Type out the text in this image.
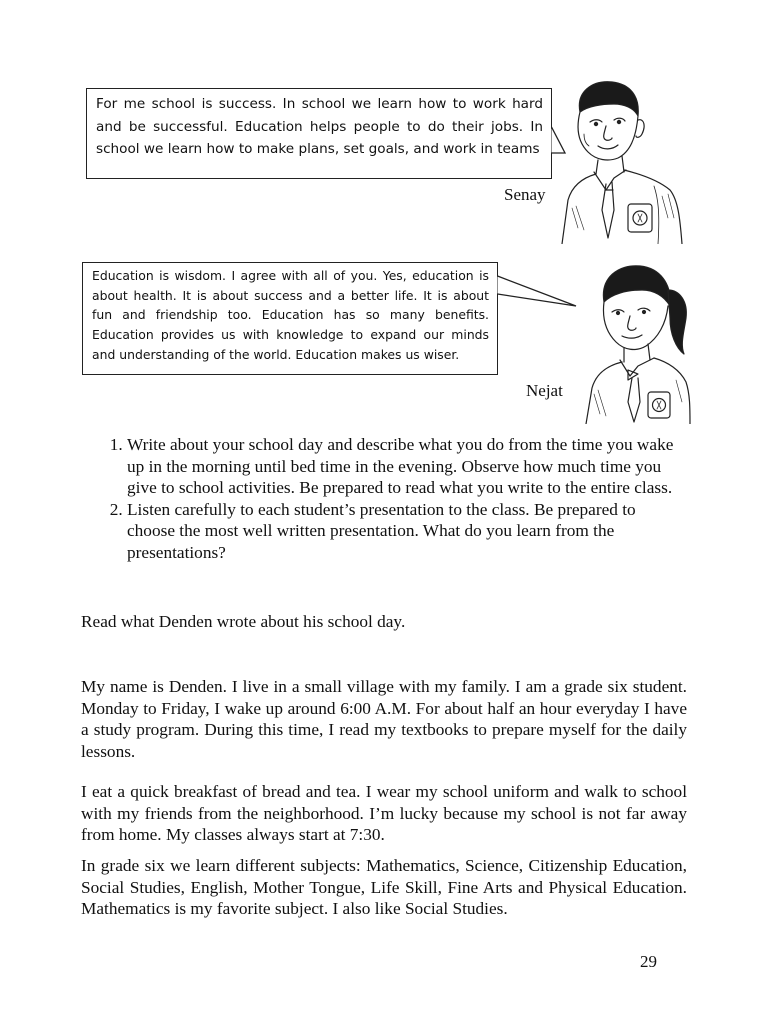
For me school is success. In school we learn how to work hard and be successful. Education helps people to do their jobs. In school we learn how to make plans, set goals, and work in teams

Senay

Education is wisdom. I agree with all of you. Yes, education is about health. It is about success and a better life. It is about fun and friendship too. Education has so many benefits. Education provides us with knowledge to expand our minds and understanding of the world. Education makes us wiser.

Nejat
1. Write about your school day and describe what you do from the time you wake up in the morning until bed time in the evening. Observe how much time you give to school activities. Be prepared to read what you write to the entire class.
2. Listen carefully to each student’s presentation to the class. Be prepared to choose the most well written presentation. What do you learn from the presentations?

Read what Denden wrote about his school day.

My name is Denden. I live in a small village with my family. I am a grade six student. Monday to Friday, I wake up around 6:00 A.M. For about half an hour everyday I have a study program. During this time, I read my textbooks to prepare myself for the daily lessons.

I eat a quick breakfast of bread and tea. I wear my school uniform and walk to school with my friends from the neighborhood. I’m lucky because my school is not far away from home. My classes always start at 7:30.

In grade six we learn different subjects: Mathematics, Science, Citizenship Education, Social Studies, English, Mother Tongue, Life Skill, Fine Arts and Physical Education. Mathematics is my favorite subject. I also like Social Studies.

29
